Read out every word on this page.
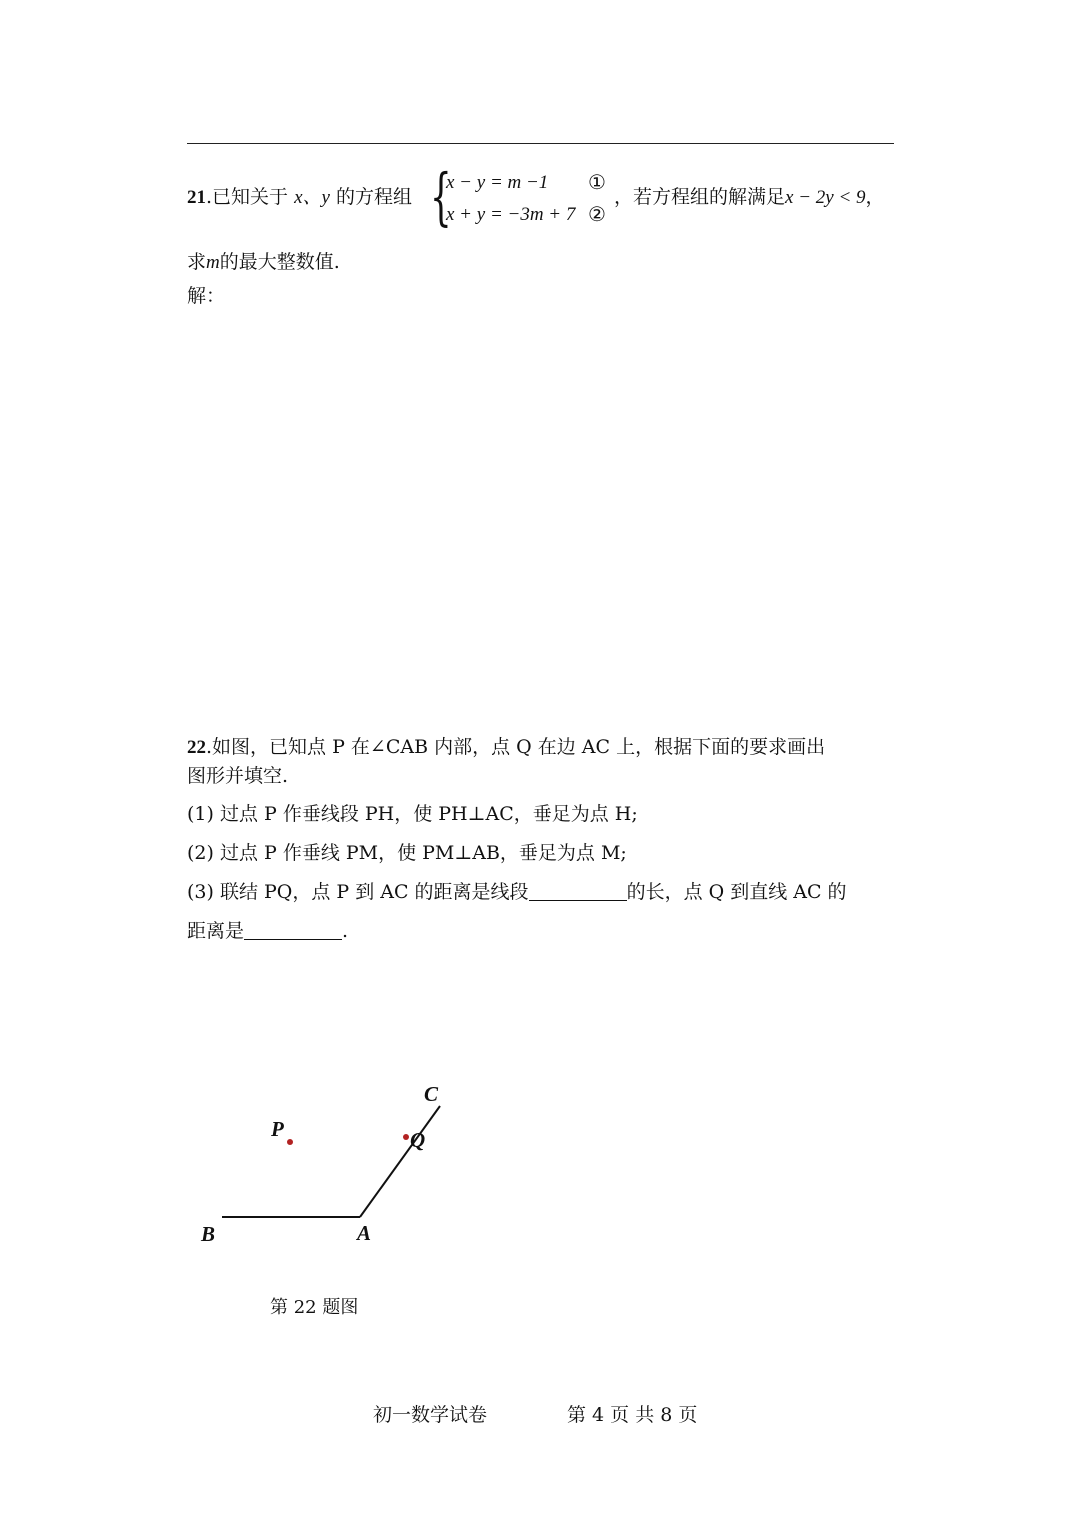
21.已知关于 x、y 的方程组 {
x − y = m −1 ①
x + y = −3m + 7 ②
，若方程组的解满足x − 2y < 9，
求m的最大整数值.
解：
22.如图，已知点 P 在∠CAB 内部，点 Q 在边 AC 上，根据下面的要求画出
图形并填空.
(1) 过点 P 作垂线段 PH，使 PH⊥AC，垂足为点 H;
(2) 过点 P 作垂线 PM，使 PM⊥AB，垂足为点 M;
(3) 联结 PQ，点 P 到 AC 的距离是线段	的长，点 Q 到直线 AC 的
距离是	.
P	Q
C
A
B
第 22 题图
初一数学试卷	第 4 页 共 8 页
